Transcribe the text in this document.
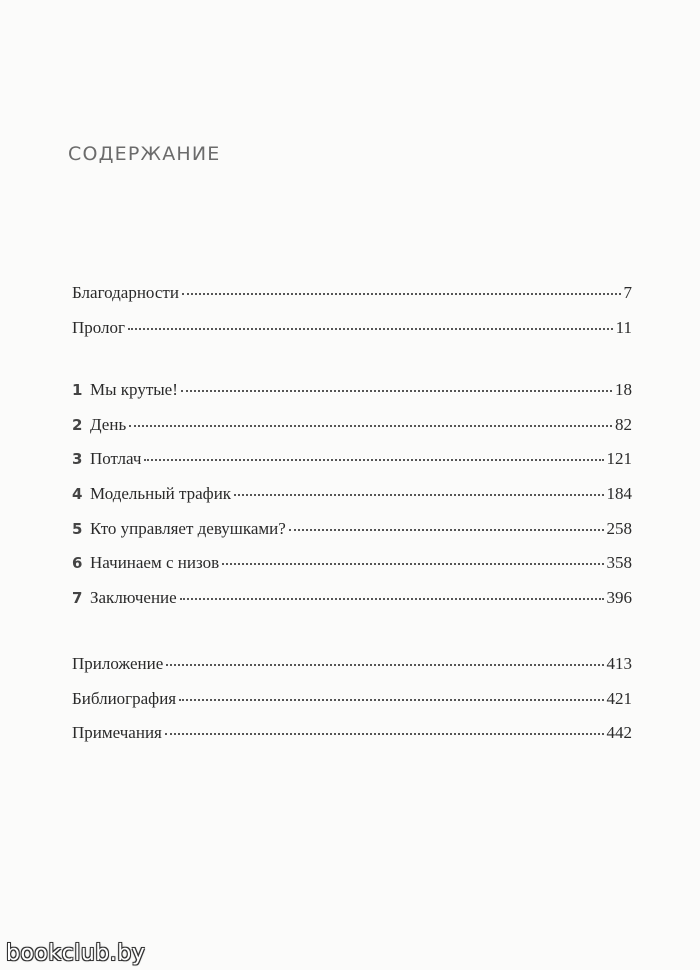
СОДЕРЖАНИЕ
Благодарности	7
Пролог	11
1 Мы крутые!	18
2 День	82
3 Потлач	121
4 Модельный трафик	184
5 Кто управляет девушками?	258
6 Начинаем с низов	358
7 Заключение	396
Приложение	413
Библиография	421
Примечания	442
bookclub.by
